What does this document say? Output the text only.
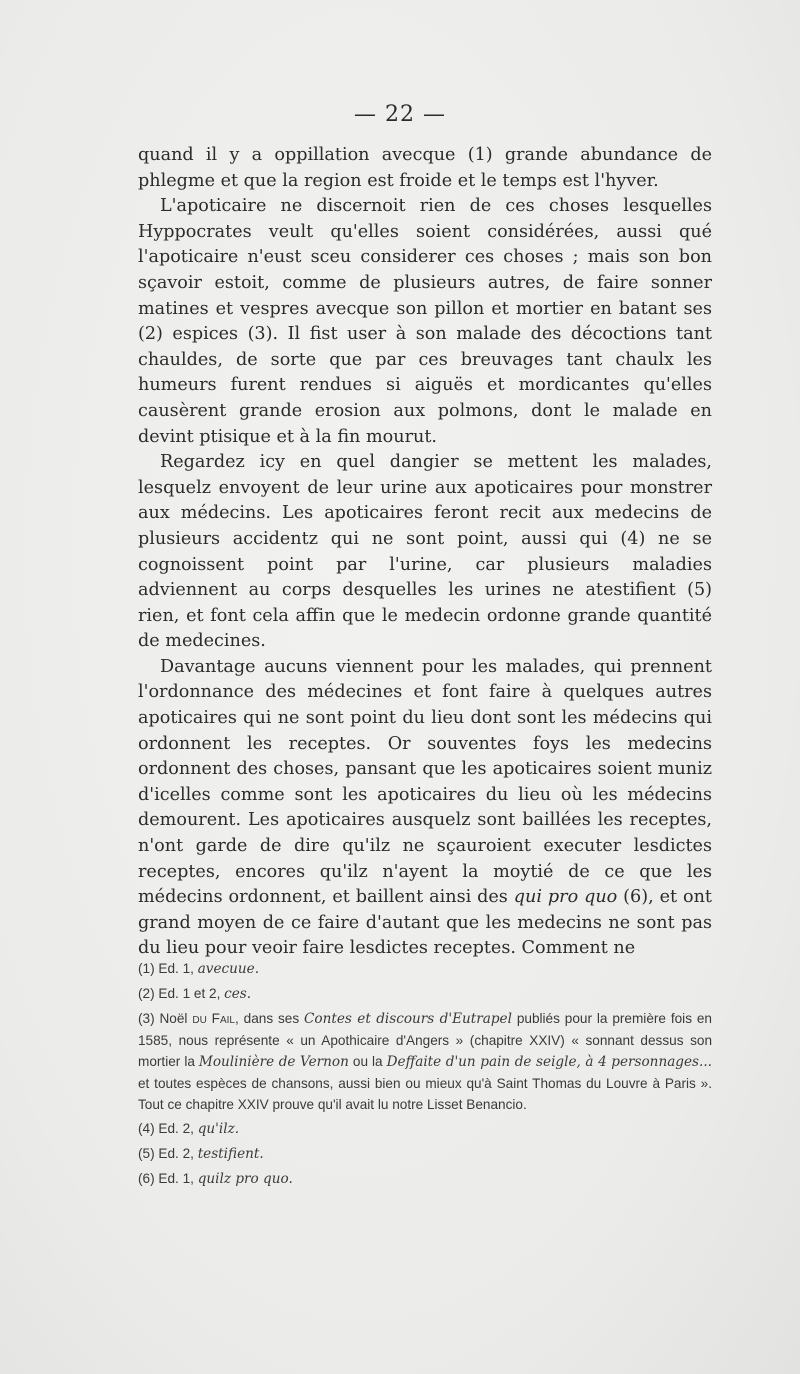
— 22 —

quand il y a oppillation avecque (1) grande abundance de phlegme et que la region est froide et le temps est l'hyver.

L'apoticaire ne discernoit rien de ces choses lesquelles Hyppocrates veult qu'elles soient considérées, aussi qué l'apoticaire n'eust sceu considerer ces choses ; mais son bon sçavoir estoit, comme de plusieurs autres, de faire sonner matines et vespres avecque son pillon et mortier en batant ses (2) espices (3). Il fist user à son malade des décoctions tant chauldes, de sorte que par ces breuvages tant chaulx les humeurs furent rendues si aiguës et mordicantes qu'elles causèrent grande erosion aux polmons, dont le malade en devint ptisique et à la fin mourut.

Regardez icy en quel dangier se mettent les malades, lesquelz envoyent de leur urine aux apoticaires pour monstrer aux médecins. Les apoticaires feront recit aux medecins de plusieurs accidentz qui ne sont point, aussi qui (4) ne se cognoissent point par l'urine, car plusieurs maladies adviennent au corps desquelles les urines ne atestifient (5) rien, et font cela affin que le medecin ordonne grande quantité de medecines.

Davantage aucuns viennent pour les malades, qui prennent l'ordonnance des médecines et font faire à quelques autres apoticaires qui ne sont point du lieu dont sont les médecins qui ordonnent les receptes. Or souventes foys les medecins ordonnent des choses, pansant que les apoticaires soient muniz d'icelles comme sont les apoticaires du lieu où les médecins demourent. Les apoticaires ausquelz sont baillées les receptes, n'ont garde de dire qu'ilz ne sçauroient executer lesdictes receptes, encores qu'ilz n'ayent la moytié de ce que les médecins ordonnent, et baillent ainsi des qui pro quo (6), et ont grand moyen de ce faire d'autant que les medecins ne sont pas du lieu pour veoir faire lesdictes receptes. Comment ne

(1) Ed. 1, avecuue.

(2) Ed. 1 et 2, ces.

(3) Noël du Fail, dans ses Contes et discours d'Eutrapel publiés pour la première fois en 1585, nous représente « un Apothicaire d'Angers » (chapitre XXIV) « sonnant dessus son mortier la Moulinière de Vernon ou la Deffaite d'un pain de seigle, à 4 personnages... et toutes espèces de chansons, aussi bien ou mieux qu'à Saint Thomas du Louvre à Paris ». Tout ce chapitre XXIV prouve qu'il avait lu notre Lisset Benancio.

(4) Ed. 2, qu'ilz.

(5) Ed. 2, testifient.

(6) Ed. 1, quilz pro quo.
